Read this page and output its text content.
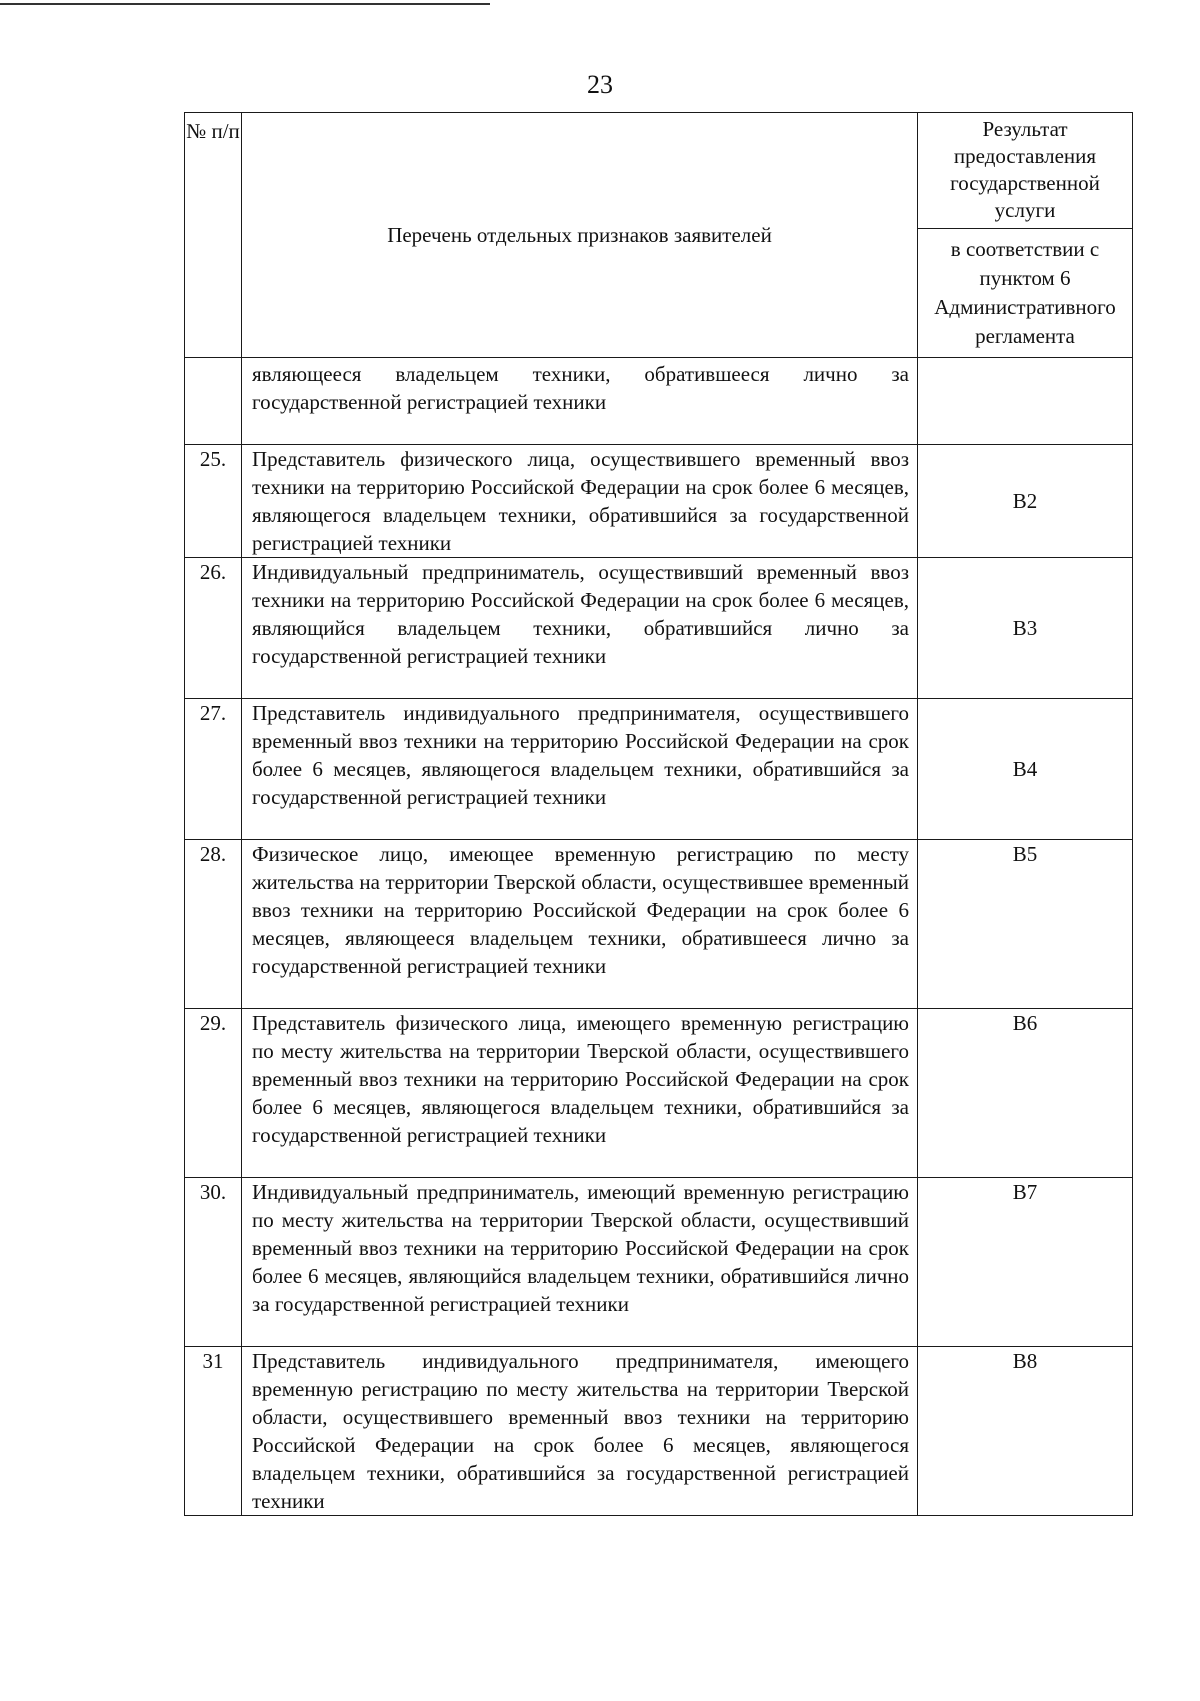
23
№ п/п	Перечень отдельных признаков заявителей	Результат предоставления государственной услуги
		в соответствии с пунктом 6 Административного регламента

	являющееся владельцем техники, обратившееся лично за государственной регистрацией техники	

25.	Представитель физического лица, осуществившего временный ввоз техники на территорию Российской Федерации на срок более 6 месяцев, являющегося владельцем техники, обратившийся за государственной регистрацией техники	В2
26.	Индивидуальный предприниматель, осуществивший временный ввоз техники на территорию Российской Федерации на срок более 6 месяцев, являющийся владельцем техники, обратившийся лично за государственной регистрацией техники	В3
27.	Представитель индивидуального предпринимателя, осуществившего временный ввоз техники на территорию Российской Федерации на срок более 6 месяцев, являющегося владельцем техники, обратившийся за государственной регистрацией техники	В4
28.	Физическое лицо, имеющее временную регистрацию по месту жительства на территории Тверской области, осуществившее временный ввоз техники на территорию Российской Федерации на срок более 6 месяцев, являющееся владельцем техники, обратившееся лично за государственной регистрацией техники	В5
29.	Представитель физического лица, имеющего временную регистрацию по месту жительства на территории Тверской области, осуществившего временный ввоз техники на территорию Российской Федерации на срок более 6 месяцев, являющегося владельцем техники, обратившийся за государственной регистрацией техники	В6
30.	Индивидуальный предприниматель, имеющий временную регистрацию по месту жительства на территории Тверской области, осуществивший временный ввоз техники на территорию Российской Федерации на срок более 6 месяцев, являющийся владельцем техники, обратившийся лично за государственной регистрацией техники	В7
31	Представитель индивидуального предпринимателя, имеющего временную регистрацию по месту жительства на территории Тверской области, осуществившего временный ввоз техники на территорию Российской Федерации на срок более 6 месяцев, являющегося владельцем техники, обратившийся за государственной регистрацией техники	В8
